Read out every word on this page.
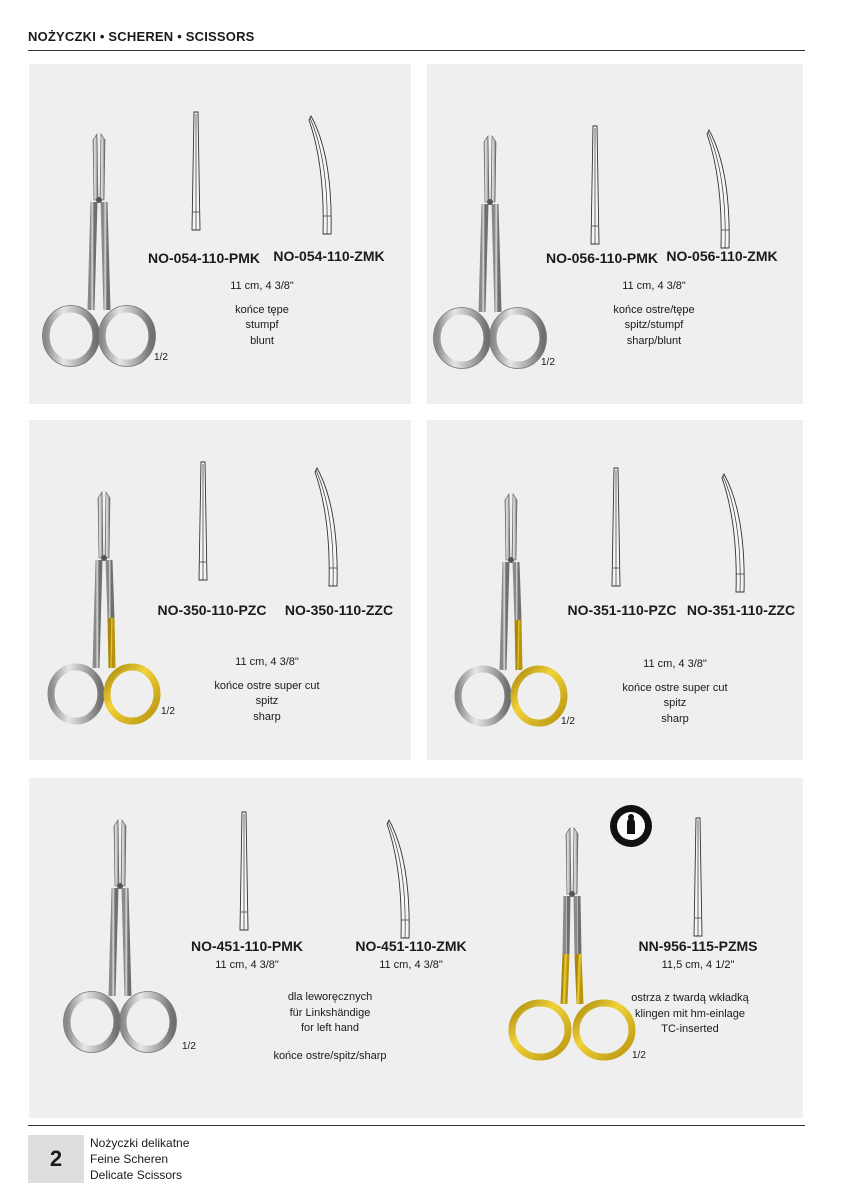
NOŻYCZKI • SCHEREN • SCISSORS
NO-054-110-PMK NO-054-110-ZMK
11 cm, 4 3/8"
końce tępe
stumpf
blunt
1/2
NO-056-110-PMK NO-056-110-ZMK
11 cm, 4 3/8"
końce ostre/tępe
spitz/stumpf
sharp/blunt
1/2
NO-350-110-PZC NO-350-110-ZZC
11 cm, 4 3/8"
końce ostre super cut
spitz
sharp
1/2
NO-351-110-PZC NO-351-110-ZZC
11 cm, 4 3/8"
końce ostre super cut
spitz
sharp
1/2
NO-451-110-PMK
11 cm, 4 3/8"
NO-451-110-ZMK
11 cm, 4 3/8"
dla leworęcznych
für Linkshändige
for left hand
końce ostre/spitz/sharp
1/2
NN-956-115-PZMS
11,5 cm, 4 1/2"
ostrza z twardą wkładką
klingen mit hm-einlage
TC-inserted
1/2
2
Nożyczki delikatne
Feine Scheren
Delicate Scissors
